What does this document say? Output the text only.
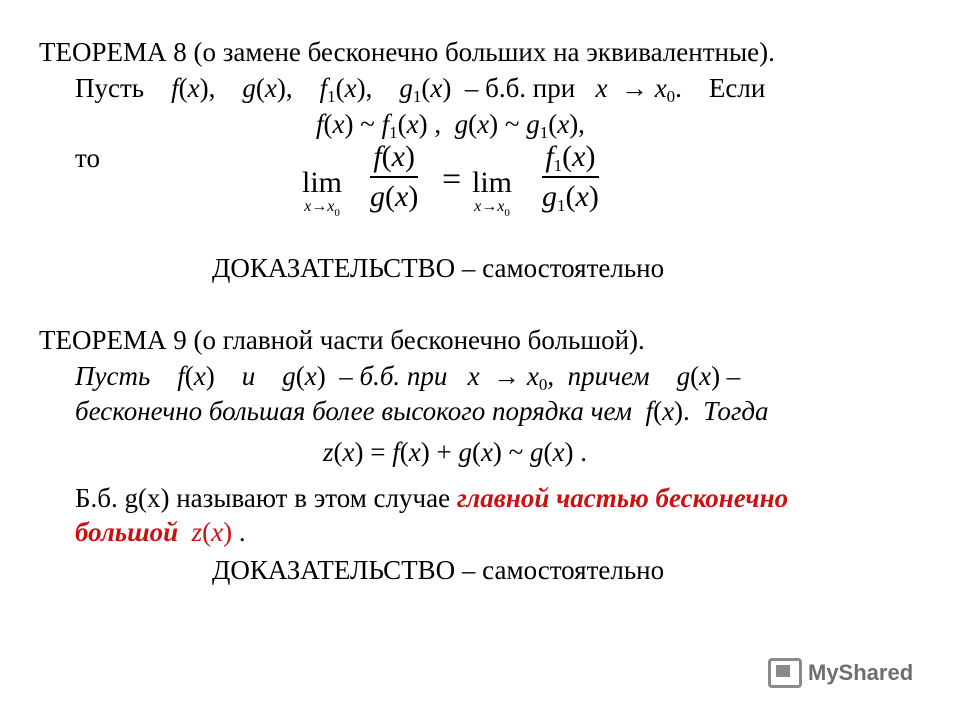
ТЕОРЕМА 8 (о замене бесконечно больших на эквивалентные).
Пусть f(x),    g(x),    $f_1(x)$,    $g_1(x) - б.б$. при $x \to x_0$.    Если
f(x) ~ $f_1(x)$ , g(x) ~ $g_1(x)$,
то
lim
$x\to x_0$
f(x)
g(x) = lim
$x\to x_0$
$f_1(x)$
$g_1(x)$
ДОКАЗАТЕЛЬСТВО – самостоятельно
ТЕОРЕМА 9 (о главной части бесконечно большой).
Пусть f(x) и g(x) – б.б. при $x \to x_0$, причем g(x) –
бесконечно большая более высокого порядка чем f(x). Тогда
z(x) = f(x) + g(x) ~ g(x) .
Б.б. g(x) называют в этом случае главной частью бесконечно
большой z(x) .
ДОКАЗАТЕЛЬСТВО – самостоятельно
MyShared
